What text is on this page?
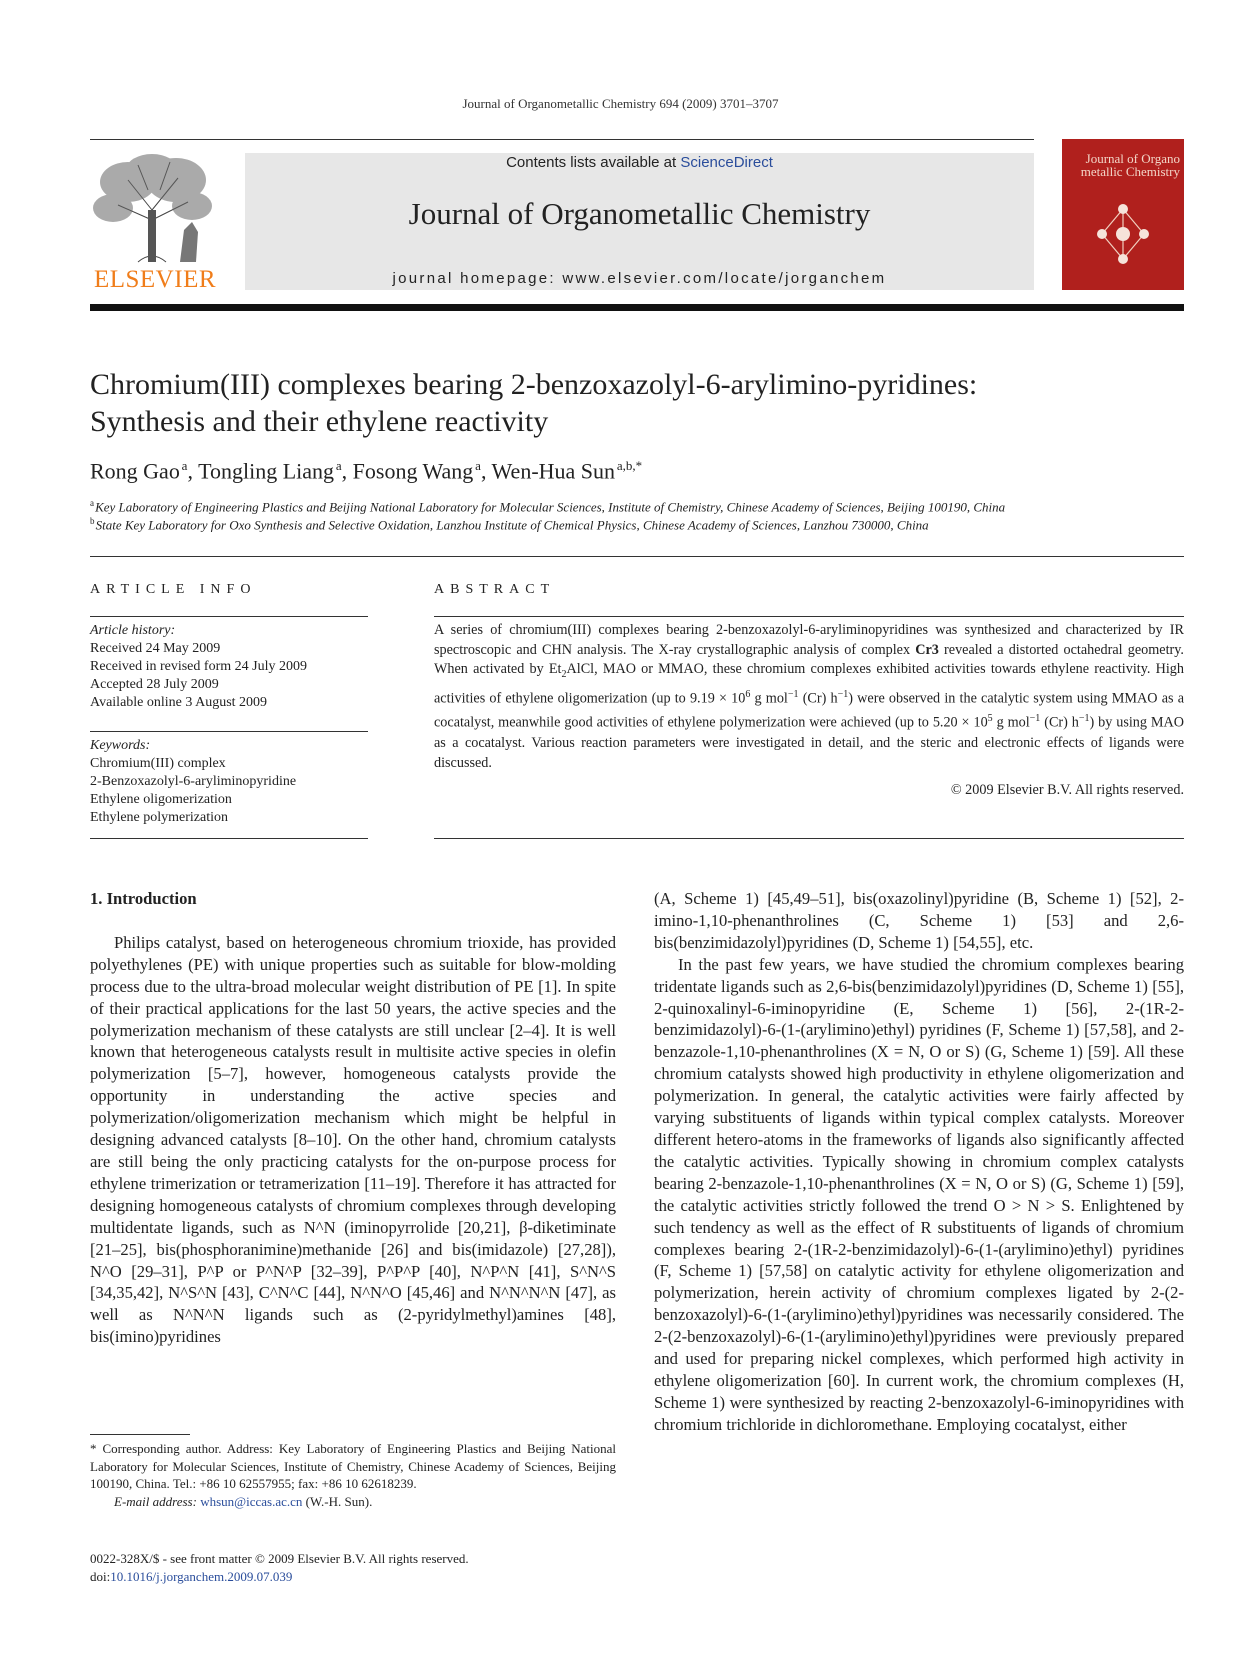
Journal of Organometallic Chemistry 694 (2009) 3701–3707
ELSEVIER
Contents lists available at ScienceDirect
Journal of Organometallic Chemistry
journal homepage: www.elsevier.com/locate/jorganchem
Journal of Organo metallic Chemistry
Chromium(III) complexes bearing 2-benzoxazolyl-6-arylimino-pyridines:
Synthesis and their ethylene reactivity
Rong Gao  $^a$, Tongling Liang  $^a$, Fosong Wang  $^a$, Wen-Hua Sun  $^{a,b,*}$
$^a$ Key Laboratory of Engineering Plastics and Beijing National Laboratory for Molecular Sciences, Institute of Chemistry, Chinese Academy of Sciences, Beijing 100190, China
$^b$ State Key Laboratory for Oxo Synthesis and Selective Oxidation, Lanzhou Institute of Chemical Physics, Chinese Academy of Sciences, Lanzhou 730000, China
ARTICLE INFO
Article history:
Received 24 May 2009
Received in revised form 24 July 2009
Accepted 28 July 2009
Available online 3 August 2009
Keywords:
Chromium(III) complex
2-Benzoxazolyl-6-aryliminopyridine
Ethylene oligomerization
Ethylene polymerization
ABSTRACT
A series of chromium(III) complexes bearing 2-benzoxazolyl-6-aryliminopyridines was synthesized and characterized by IR spectroscopic and CHN analysis. The X-ray crystallographic analysis of complex Cr3 revealed a distorted octahedral geometry. When activated by $Et_2AlCl$, MAO or MMAO, these chromium complexes exhibited activities towards ethylene reactivity. High activities of ethylene oligomerization (up to $9.19 \times 10^6$ g mol$^{-1}$ (Cr) $h^{-1}$) were observed in the catalytic system using MMAO as a cocatalyst, meanwhile good activities of ethylene polymerization were achieved (up to $5.20 \times 10^5$ g mol$^{-1}$ (Cr) $h^{-1}$) by using MAO as a cocatalyst. Various reaction parameters were investigated in detail, and the steric and electronic effects of ligands were discussed.
© 2009 Elsevier B.V. All rights reserved.
1. Introduction

Philips catalyst, based on heterogeneous chromium trioxide, has provided polyethylenes (PE) with unique properties such as suitable for blow-molding process due to the ultra-broad molecular weight distribution of PE [1]. In spite of their practical applications for the last 50 years, the active species and the polymerization mechanism of these catalysts are still unclear [2–4]. It is well known that heterogeneous catalysts result in multisite active species in olefin polymerization [5–7], however, homogeneous catalysts provide the opportunity in understanding the active species and polymerization/oligomerization mechanism which might be helpful in designing advanced catalysts [8–10]. On the other hand, chromium catalysts are still being the only practicing catalysts for the on-purpose process for ethylene trimerization or tetramerization [11–19]. Therefore it has attracted for designing homogeneous catalysts of chromium complexes through developing multidentate ligands, such as N^N (iminopyrrolide [20,21], β-diketiminate [21–25], bis(phosphoranimine)methanide [26] and bis(imidazole) [27,28]), N^O [29–31], P^P or P^N^P [32–39], P^P^P [40], N^P^N [41], S^N^S [34,35,42], N^S^N [43], C^N^C [44], N^N^O [45,46] and N^N^N^N [47], as well as N^N^N ligands such as (2-pyridylmethyl)amines [48], bis(imino)pyridines

(A, Scheme 1) [45,49–51], bis(oxazolinyl)pyridine (B, Scheme 1) [52], 2-imino-1,10-phenanthrolines (C, Scheme 1) [53] and 2,6-bis(benzimidazolyl)pyridines (D, Scheme 1) [54,55], etc.

In the past few years, we have studied the chromium complexes bearing tridentate ligands such as 2,6-bis(benzimidazolyl)pyridines (D, Scheme 1) [55], 2-quinoxalinyl-6-iminopyridine (E, Scheme 1) [56], 2-(1R-2-benzimidazolyl)-6-(1-(arylimino)ethyl) pyridines (F, Scheme 1) [57,58], and 2-benzazole-1,10-phenanthrolines (X = N, O or S) (G, Scheme 1) [59]. All these chromium catalysts showed high productivity in ethylene oligomerization and polymerization. In general, the catalytic activities were fairly affected by varying substituents of ligands within typical complex catalysts. Moreover different hetero-atoms in the frameworks of ligands also significantly affected the catalytic activities. Typically showing in chromium complex catalysts bearing 2-benzazole-1,10-phenanthrolines (X = N, O or S) (G, Scheme 1) [59], the catalytic activities strictly followed the trend O > N > S. Enlightened by such tendency as well as the effect of R substituents of ligands of chromium complexes bearing 2-(1R-2-benzimidazolyl)-6-(1-(arylimino)ethyl) pyridines (F, Scheme 1) [57,58] on catalytic activity for ethylene oligomerization and polymerization, herein activity of chromium complexes ligated by 2-(2-benzoxazolyl)-6-(1-(arylimino)ethyl)pyridines was necessarily considered. The 2-(2-benzoxazolyl)-6-(1-(arylimino)ethyl)pyridines were previously prepared and used for preparing nickel complexes, which performed high activity in ethylene oligomerization [60]. In current work, the chromium complexes (H, Scheme 1) were synthesized by reacting 2-benzoxazolyl-6-iminopyridines with chromium trichloride in dichloromethane. Employing cocatalyst, either

* Corresponding author. Address: Key Laboratory of Engineering Plastics and Beijing National Laboratory for Molecular Sciences, Institute of Chemistry, Chinese Academy of Sciences, Beijing 100190, China. Tel.: +86 10 62557955; fax: +86 10 62618239.
E-mail address: whsun@iccas.ac.cn (W.-H. Sun).
0022-328X/$ - see front matter © 2009 Elsevier B.V. All rights reserved.
doi:10.1016/j.jorganchem.2009.07.039
